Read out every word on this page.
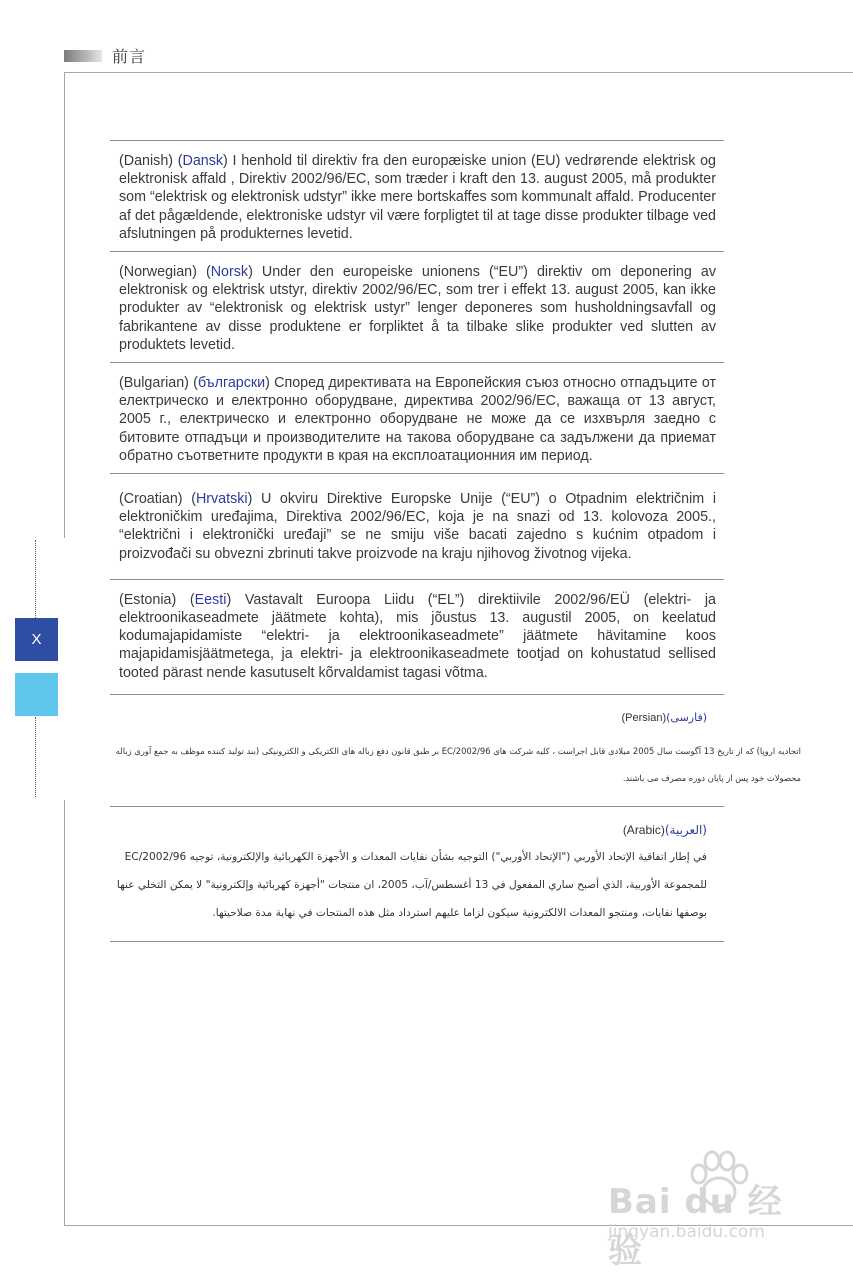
前言
X
(Danish) (Dansk) I henhold til direktiv fra den europæiske union (EU) vedrørende elektrisk og elektronisk affald , Direktiv 2002/96/EC, som træder i kraft den 13. august 2005, må produkter som “elektrisk og elektronisk udstyr” ikke mere bortskaffes som kommunalt affald. Producenter af det pågældende, elektroniske udstyr vil være forpligtet til at tage disse produkter tilbage ved afslutningen på produkternes levetid.
(Norwegian) (Norsk) Under den europeiske unionens (“EU”) direktiv om deponering av elektronisk og elektrisk utstyr, direktiv 2002/96/EC, som trer i effekt 13. august 2005, kan ikke produkter av “elektronisk og elektrisk ustyr” lenger deponeres som husholdningsavfall og fabrikantene av disse produktene er forpliktet å ta tilbake slike produkter ved slutten av produktets levetid.
(Bulgarian) (български) Според директивата на Европейския съюз относно отпадъците от електрическо и електронно оборудване, директива 2002/96/EC, важаща от 13 август, 2005 г., електрическо и електронно оборудване не може да се изхвърля заедно с битовите отпадъци и производителите на такова оборудване са задължени да приемат обратно съответните продукти в края на експлоатационния им период.
(Croatian) (Hrvatski) U okviru Direktive Europske Unije (“EU”) o Otpadnim električnim i elektroničkim uređajima, Direktiva 2002/96/EC, koja je na snazi od 13. kolovoza 2005., “električni i elektronički uređaji” se ne smiju više bacati zajedno s kućnim otpadom i proizvođači su obvezni zbrinuti takve proizvode na kraju njihovog životnog vijeka.
(Estonia) (Eesti) Vastavalt Euroopa Liidu (“EL”) direktiivile 2002/96/EÜ (elektri- ja elektroonikaseadmete jäätmete kohta), mis jõustus 13. augustil 2005, on keelatud kodumajapidamiste “elektri- ja elektroonikaseadmete” jäätmete hävitamine koos majapidamisjäätmetega, ja elektri- ja elektroonikaseadmete tootjad on kohustatud sellised tooted pärast nende kasutuselt kõrvaldamist tagasi võtma.
(فارسی)(Persian)
اتحادیه اروپا) که از تاریخ 13 آگوست سال 2005 میلادی قابل اجراست ، کلیه شرکت های 2002/96/EC بر طبق قانون دفع زباله های الکتریکی و الکترونیکی (بند تولید کننده موظف به جمع آوری زباله محصولات خود پس از پایان دوره مصرف می باشند.
(العربية)(Arabic)
في إطار اتفاقية الإتحاد الأوربي ("الإتحاد الأوربي") التوجيه بشأن نفايات المعدات و الأجهزة الكهربائية والإلكترونية، توجيه 2002/96/EC للمجموعة الأوربية، الذي أصبح ساري المفعول في 13 أغسطس/آب، 2005، ان منتجات "أجهزة كهربائية وإلكترونية" لا يمكن التخلي عنها بوصفها نفايات، ومنتجو المعدات الالكترونية سيكون لزاما عليهم استرداد مثل هذه المنتجات في نهاية مدة صلاحيتها.
Bai du 经验
jingyan.baidu.com
